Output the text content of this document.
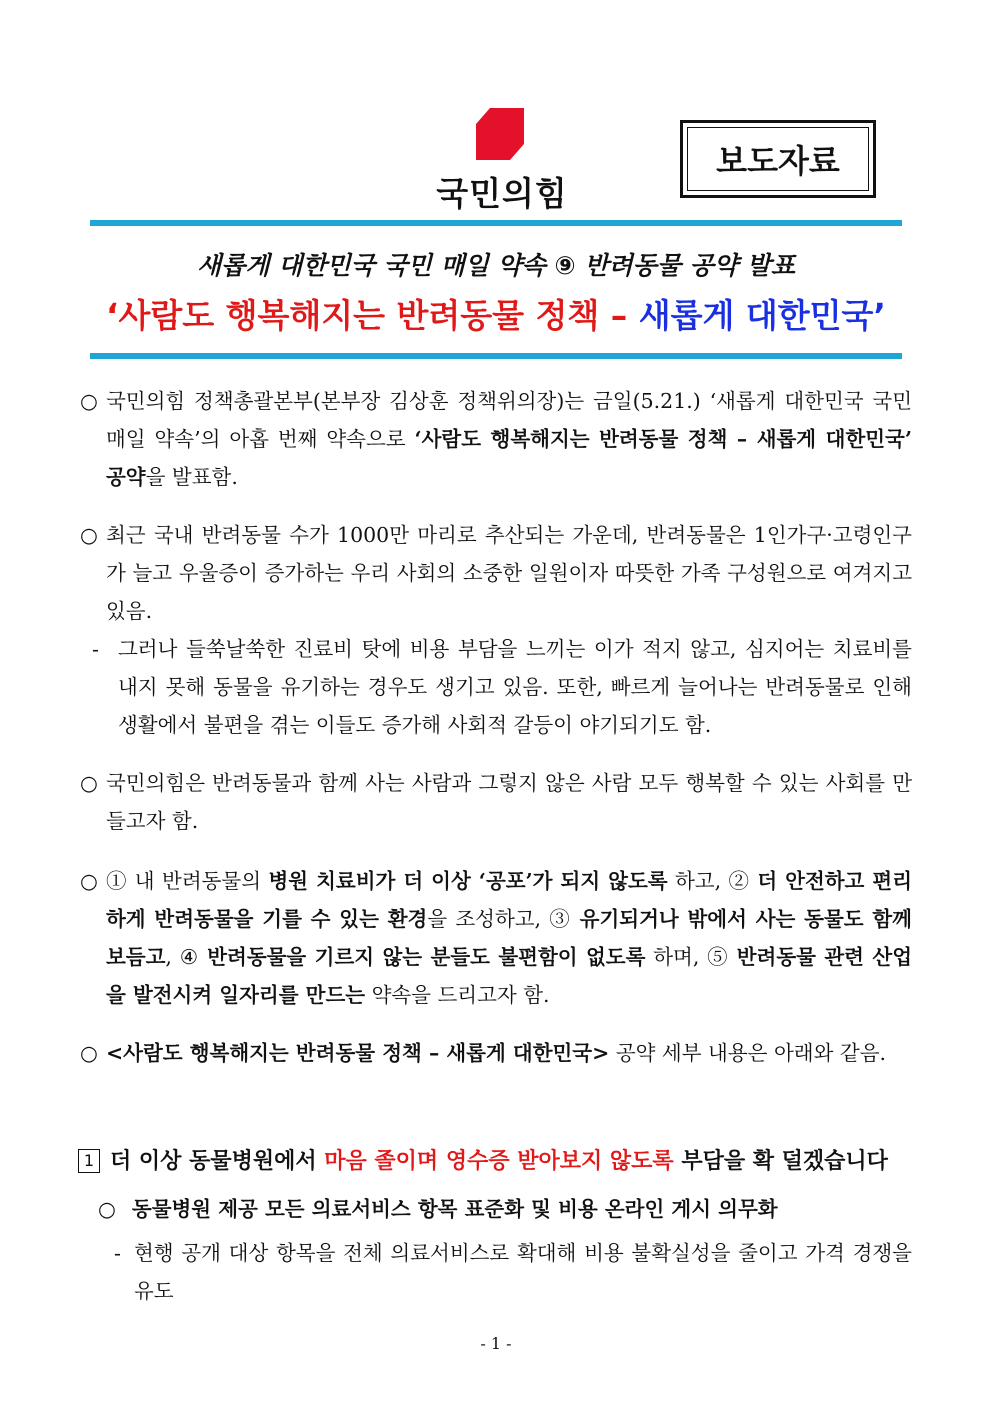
국민의힘
보도자료
새롭게 대한민국 국민 매일 약속 ⑨ 반려동물 공약 발표
‘사람도 행복해지는 반려동물 정책 – 새롭게 대한민국’
○ 국민의힘 정책총괄본부(본부장 김상훈 정책위의장)는 금일(5.21.) ‘새롭게 대한민국 국민 매일 약속’의 아홉 번째 약속으로 ‘사람도 행복해지는 반려동물 정책 – 새롭게 대한민국’ 공약을 발표함.
○ 최근 국내 반려동물 수가 1000만 마리로 추산되는 가운데, 반려동물은 1인가구·고령인구가 늘고 우울증이 증가하는 우리 사회의 소중한 일원이자 따뜻한 가족 구성원으로 여겨지고 있음.
- 그러나 들쑥날쑥한 진료비 탓에 비용 부담을 느끼는 이가 적지 않고, 심지어는 치료비를 내지 못해 동물을 유기하는 경우도 생기고 있음. 또한, 빠르게 늘어나는 반려동물로 인해 생활에서 불편을 겪는 이들도 증가해 사회적 갈등이 야기되기도 함.
○ 국민의힘은 반려동물과 함께 사는 사람과 그렇지 않은 사람 모두 행복할 수 있는 사회를 만들고자 함.
○ ① 내 반려동물의 병원 치료비가 더 이상 ‘공포’가 되지 않도록 하고, ② 더 안전하고 편리하게 반려동물을 기를 수 있는 환경을 조성하고, ③ 유기되거나 밖에서 사는 동물도 함께 보듬고, ④ 반려동물을 기르지 않는 분들도 불편함이 없도록 하며, ⑤ 반려동물 관련 산업을 발전시켜 일자리를 만드는 약속을 드리고자 함.
○ <사람도 행복해지는 반려동물 정책 – 새롭게 대한민국> 공약 세부 내용은 아래와 같음.
1 더 이상 동물병원에서 마음 졸이며 영수증 받아보지 않도록 부담을 확 덜겠습니다
○ 동물병원 제공 모든 의료서비스 항목 표준화 및 비용 온라인 게시 의무화
- 현행 공개 대상 항목을 전체 의료서비스로 확대해 비용 불확실성을 줄이고 가격 경쟁을 유도
- 1 -
